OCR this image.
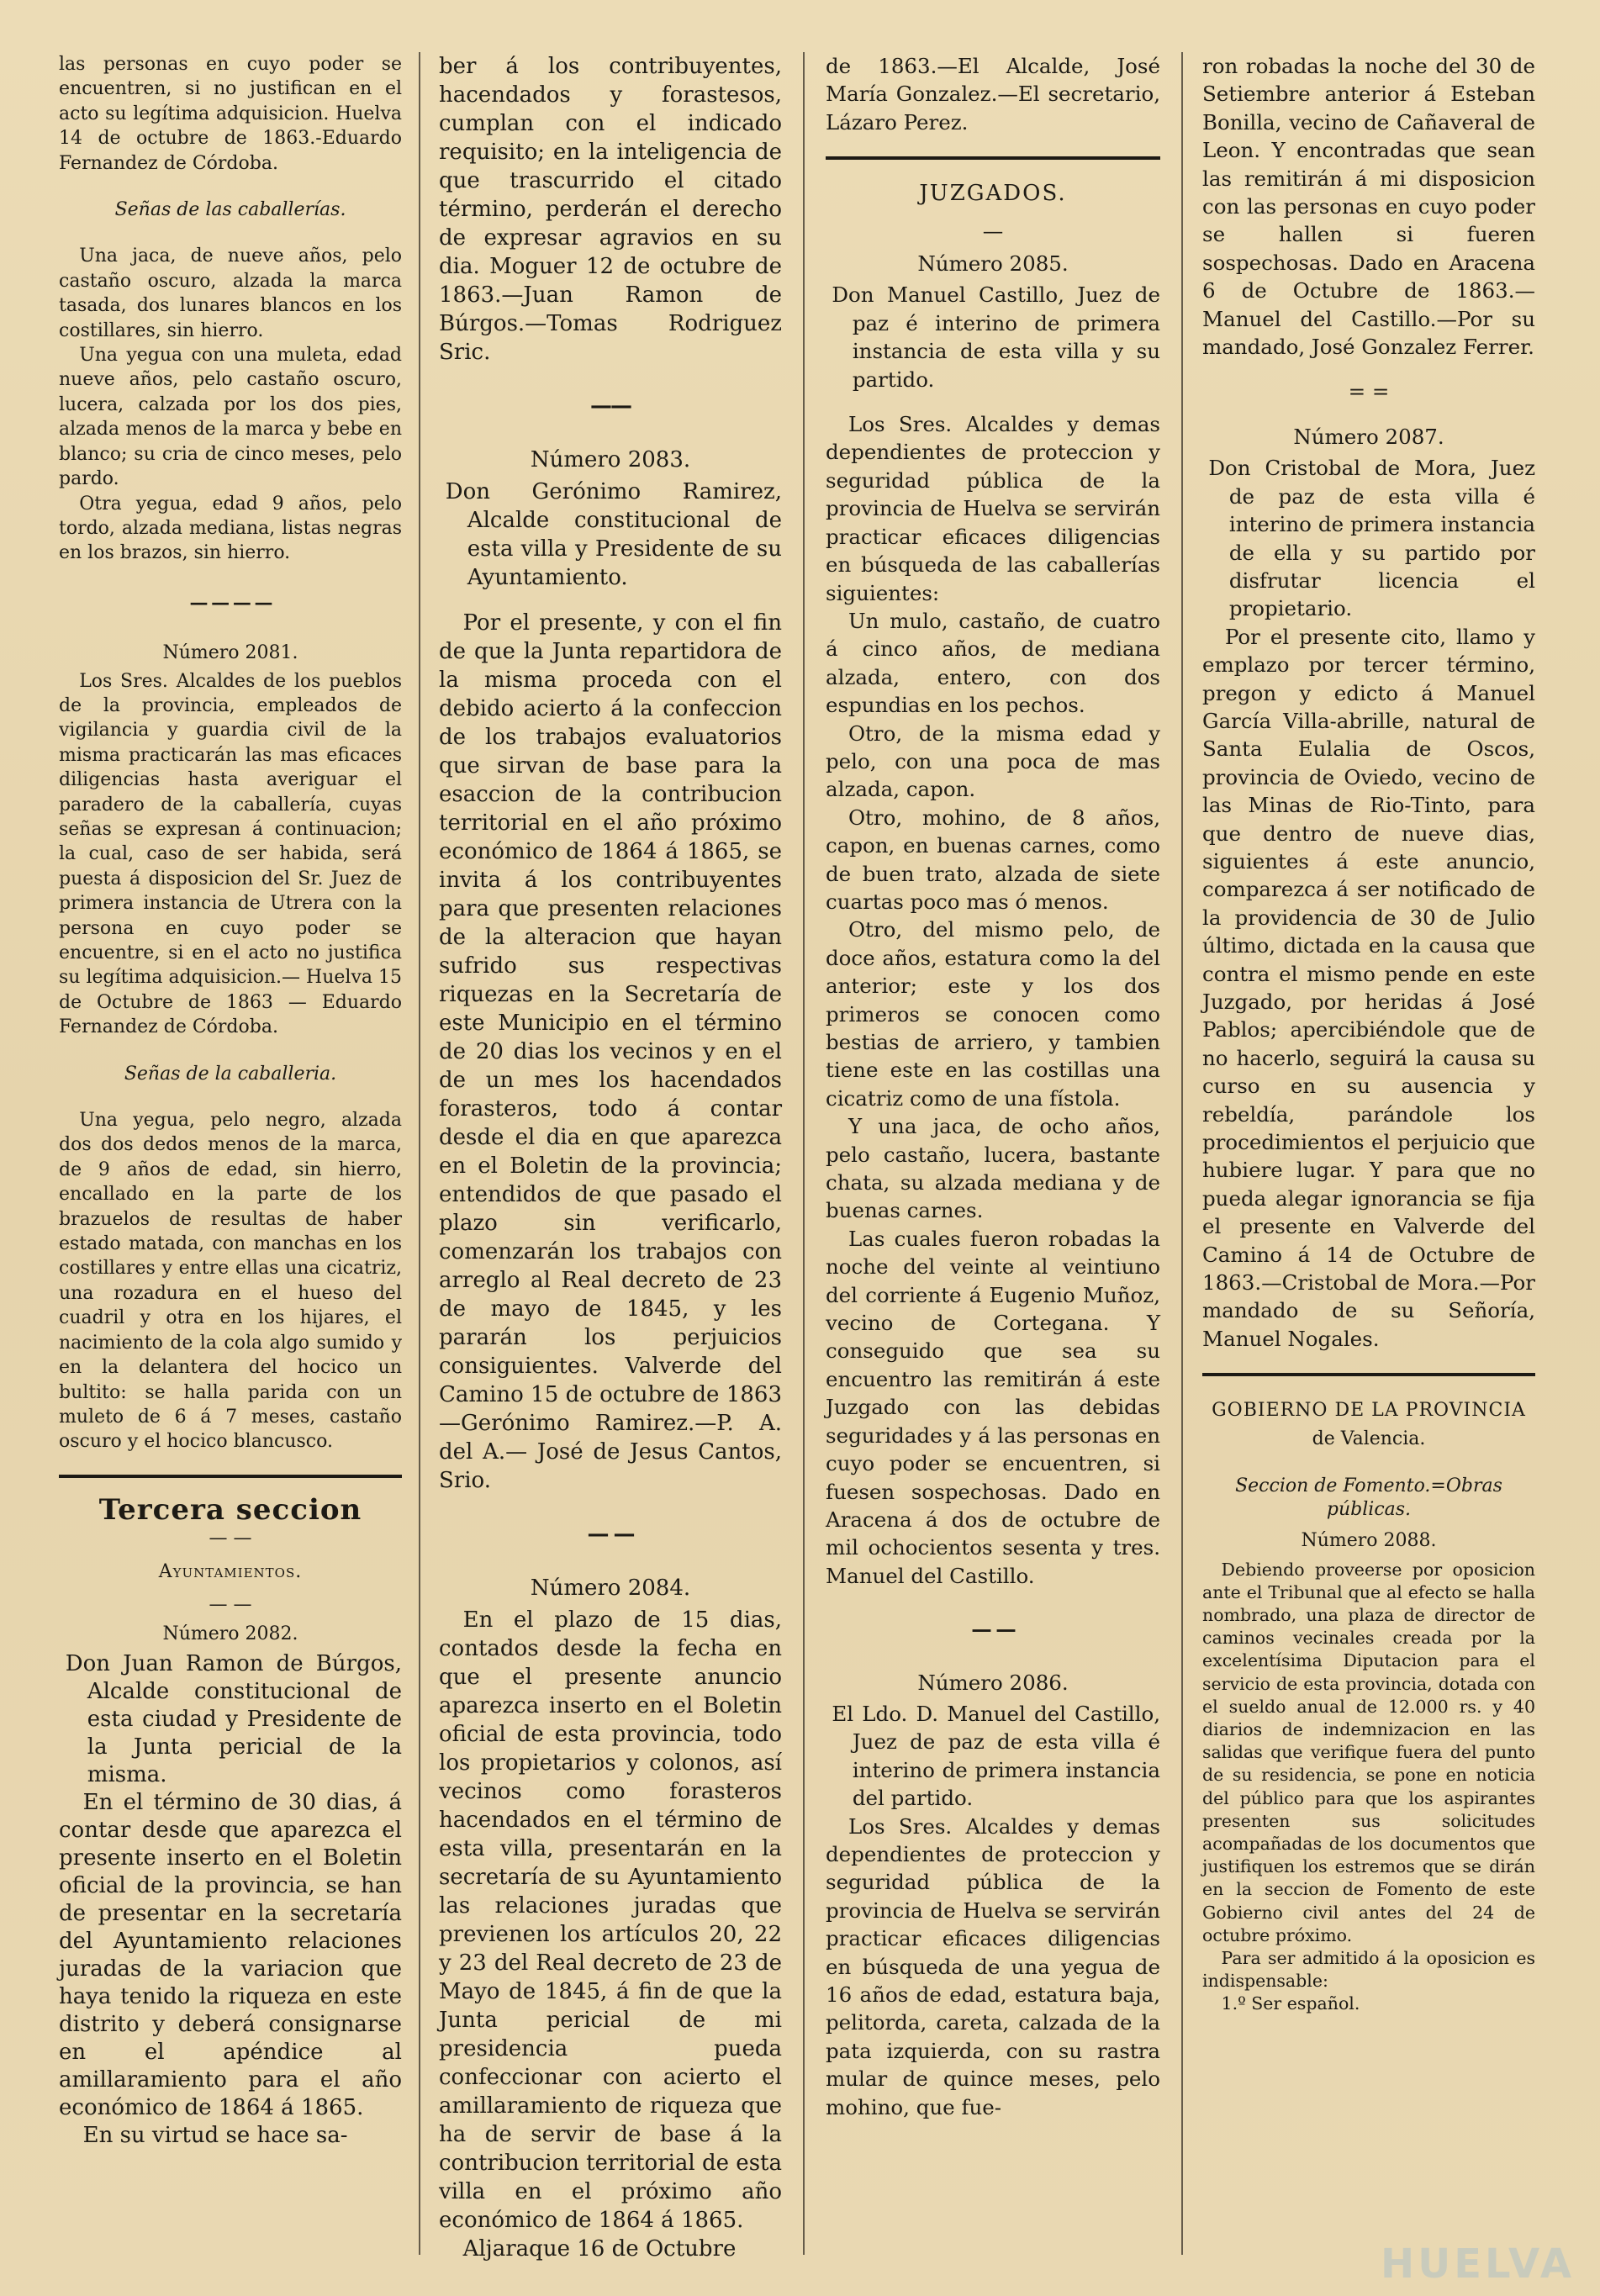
las personas en cuyo poder se encuentren, si no justifican en el acto su legítima adquisicion. Huelva 14 de octubre de 1863.-Eduardo Fernandez de Córdoba.

Señas de las caballerías.

Una jaca, de nueve años, pelo castaño oscuro, alzada la marca tasada, dos lunares blancos en los costillares, sin hierro.

Una yegua con una muleta, edad nueve años, pelo castaño oscuro, lucera, calzada por los dos pies, alzada menos de la marca y bebe en blanco; su cria de cinco meses, pelo pardo.

Otra yegua, edad 9 años, pelo tordo, alzada mediana, listas negras en los brazos, sin hierro.

— — — —
Número 2081.

Los Sres. Alcaldes de los pueblos de la provincia, empleados de vigilancia y guardia civil de la misma practicarán las mas eficaces diligencias hasta averiguar el paradero de la caballería, cuyas señas se expresan á continuacion; la cual, caso de ser habida, será puesta á disposicion del Sr. Juez de primera instancia de Utrera con la persona en cuyo poder se encuentre, si en el acto no justifica su legítima adquisicion.— Huelva 15 de Octubre de 1863 — Eduardo Fernandez de Córdoba.

Señas de la caballeria.

Una yegua, pelo negro, alzada dos dos dedos menos de la marca, de 9 años de edad, sin hierro, encallado en la parte de los brazuelos de resultas de haber estado matada, con manchas en los costillares y entre ellas una cicatriz, una rozadura en el hueso del cuadril y otra en los hijares, el nacimiento de la cola algo sumido y en la delantera del hocico un bultito: se halla parida con un muleto de 6 á 7 meses, castaño oscuro y el hocico blancusco.

Tercera seccion
— —
Ayuntamientos.
— —
Número 2082.

Don Juan Ramon de Búrgos, Alcalde constitucional de esta ciudad y Presidente de la Junta pericial de la misma.

En el término de 30 dias, á contar desde que aparezca el presente inserto en el Boletin oficial de la provincia, se han de presentar en la secretaría del Ayuntamiento relaciones juradas de la variacion que haya tenido la riqueza en este distrito y deberá consignarse en el apéndice al amillaramiento para el año económico de 1864 á 1865.

En su virtud se hace sa-

ber á los contribuyentes, hacendados y forastesos, cumplan con el indicado requisito; en la inteligencia de que trascurrido el citado término, perderán el derecho de expresar agravios en su dia. Moguer 12 de octubre de 1863.—Juan Ramon de Búrgos.—Tomas Rodriguez Sric.

——
Número 2083.

Don Gerónimo Ramirez, Alcalde constitucional de esta villa y Presidente de su Ayuntamiento.

Por el presente, y con el fin de que la Junta repartidora de la misma proceda con el debido acierto á la confeccion de los trabajos evaluatorios que sirvan de base para la esaccion de la contribucion territorial en el año próximo económico de 1864 á 1865, se invita á los contribuyentes para que presenten relaciones de la alteracion que hayan sufrido sus respectivas riquezas en la Secretaría de este Municipio en el término de 20 dias los vecinos y en el de un mes los hacendados forasteros, todo á contar desde el dia en que aparezca en el Boletin de la provincia; entendidos de que pasado el plazo sin verificarlo, comenzarán los trabajos con arreglo al Real decreto de 23 de mayo de 1845, y les pararán los perjuicios consiguientes. Valverde del Camino 15 de octubre de 1863 —Gerónimo Ramirez.—P. A. del A.— José de Jesus Cantos, Srio.

— —
Número 2084.

En el plazo de 15 dias, contados desde la fecha en que el presente anuncio aparezca inserto en el Boletin oficial de esta provincia, todo los propietarios y colonos, así vecinos como forasteros hacendados en el término de esta villa, presentarán en la secretaría de su Ayuntamiento las relaciones juradas que previenen los artículos 20, 22 y 23 del Real decreto de 23 de Mayo de 1845, á fin de que la Junta pericial de mi presidencia pueda confeccionar con acierto el amillaramiento de riqueza que ha de servir de base á la contribucion territorial de esta villa en el próximo año económico de 1864 á 1865.

Aljaraque 16 de Octubre

de 1863.—El Alcalde, José María Gonzalez.—El secretario, Lázaro Perez.

JUZGADOS.
—
Número 2085.

Don Manuel Castillo, Juez de paz é interino de primera instancia de esta villa y su partido.

Los Sres. Alcaldes y demas dependientes de proteccion y seguridad pública de la provincia de Huelva se servirán practicar eficaces diligencias en búsqueda de las caballerías siguientes:

Un mulo, castaño, de cuatro á cinco años, de mediana alzada, entero, con dos espundias en los pechos.

Otro, de la misma edad y pelo, con una poca de mas alzada, capon.

Otro, mohino, de 8 años, capon, en buenas carnes, como de buen trato, alzada de siete cuartas poco mas ó menos.

Otro, del mismo pelo, de doce años, estatura como la del anterior; este y los dos primeros se conocen como bestias de arriero, y tambien tiene este en las costillas una cicatriz como de una fístola.

Y una jaca, de ocho años, pelo castaño, lucera, bastante chata, su alzada mediana y de buenas carnes.

Las cuales fueron robadas la noche del veinte al veintiuno del corriente á Eugenio Muñoz, vecino de Cortegana. Y conseguido que sea su encuentro las remitirán á este Juzgado con las debidas seguridades y á las personas en cuyo poder se encuentren, si fuesen sospechosas. Dado en Aracena á dos de octubre de mil ochocientos sesenta y tres. Manuel del Castillo.

— —
Número 2086.

El Ldo. D. Manuel del Castillo, Juez de paz de esta villa é interino de primera instancia del partido.

Los Sres. Alcaldes y demas dependientes de proteccion y seguridad pública de la provincia de Huelva se servirán practicar eficaces diligencias en búsqueda de una yegua de 16 años de edad, estatura baja, pelitorda, careta, calzada de la pata izquierda, con su rastra mular de quince meses, pelo mohino, que fue-

ron robadas la noche del 30 de Setiembre anterior á Esteban Bonilla, vecino de Cañaveral de Leon. Y encontradas que sean las remitirán á mi disposicion con las personas en cuyo poder se hallen si fueren sospechosas. Dado en Aracena 6 de Octubre de 1863.—Manuel del Castillo.—Por su mandado, José Gonzalez Ferrer.

= =
Número 2087.

Don Cristobal de Mora, Juez de paz de esta villa é interino de primera instancia de ella y su partido por disfrutar licencia el propietario.

Por el presente cito, llamo y emplazo por tercer término, pregon y edicto á Manuel García Villa-abrille, natural de Santa Eulalia de Oscos, provincia de Oviedo, vecino de las Minas de Rio-Tinto, para que dentro de nueve dias, siguientes á este anuncio, comparezca á ser notificado de la providencia de 30 de Julio último, dictada en la causa que contra el mismo pende en este Juzgado, por heridas á José Pablos; apercibiéndole que de no hacerlo, seguirá la causa su curso en su ausencia y rebeldía, parándole los procedimientos el perjuicio que hubiere lugar. Y para que no pueda alegar ignorancia se fija el presente en Valverde del Camino á 14 de Octubre de 1863.—Cristobal de Mora.—Por mandado de su Señoría, Manuel Nogales.

GOBIERNO DE LA PROVINCIA
de Valencia.
Seccion de Fomento.=Obras públicas.
Número 2088.

Debiendo proveerse por oposicion ante el Tribunal que al efecto se halla nombrado, una plaza de director de caminos vecinales creada por la excelentísima Diputacion para el servicio de esta provincia, dotada con el sueldo anual de 12.000 rs. y 40 diarios de indemnizacion en las salidas que verifique fuera del punto de su residencia, se pone en noticia del público para que los aspirantes presenten sus solicitudes acompañadas de los documentos que justifiquen los estremos que se dirán en la seccion de Fomento de este Gobierno civil antes del 24 de octubre próximo.

Para ser admitido á la oposicion es indispensable:

1.º Ser español.

HUELVA
